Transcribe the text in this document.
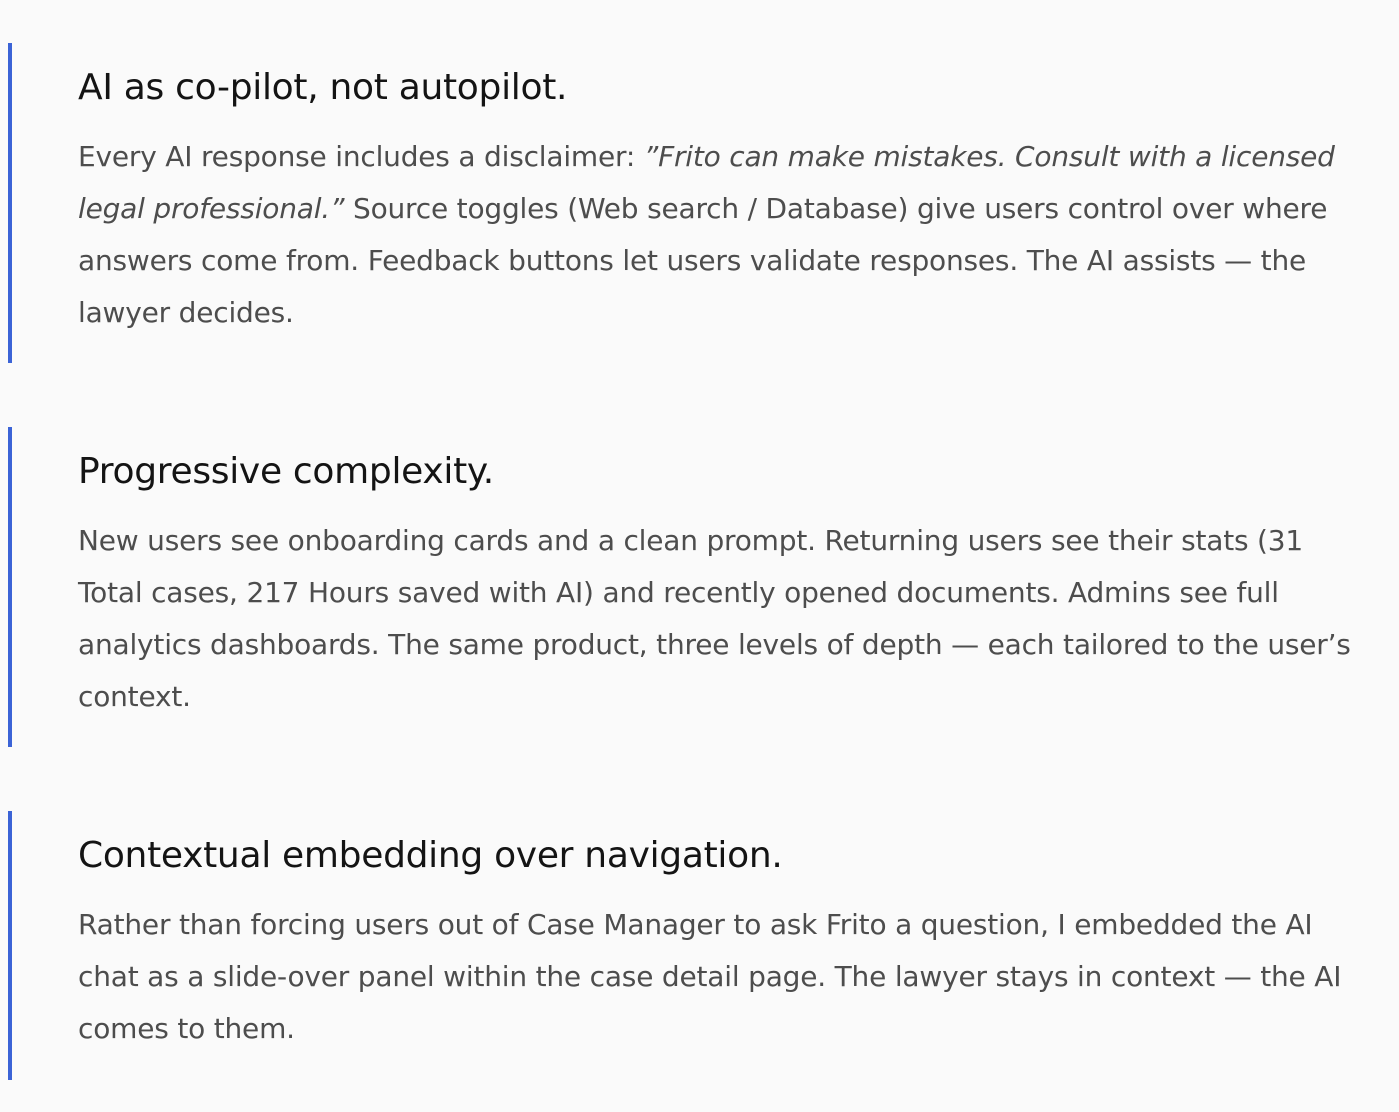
AI as co-pilot, not autopilot.

Every AI response includes a disclaimer: ”Frito can make mistakes. Consult with a licensed legal professional.” Source toggles (Web search / Database) give users control over where answers come from. Feedback buttons let users validate responses. The AI assists — the lawyer decides.

Progressive complexity.

New users see onboarding cards and a clean prompt. Returning users see their stats (31 Total cases, 217 Hours saved with AI) and recently opened documents. Admins see full analytics dashboards. The same product, three levels of depth — each tailored to the user’s context.

Contextual embedding over navigation.

Rather than forcing users out of Case Manager to ask Frito a question, I embedded the AI chat as a slide-over panel within the case detail page. The lawyer stays in context — the AI comes to them.
